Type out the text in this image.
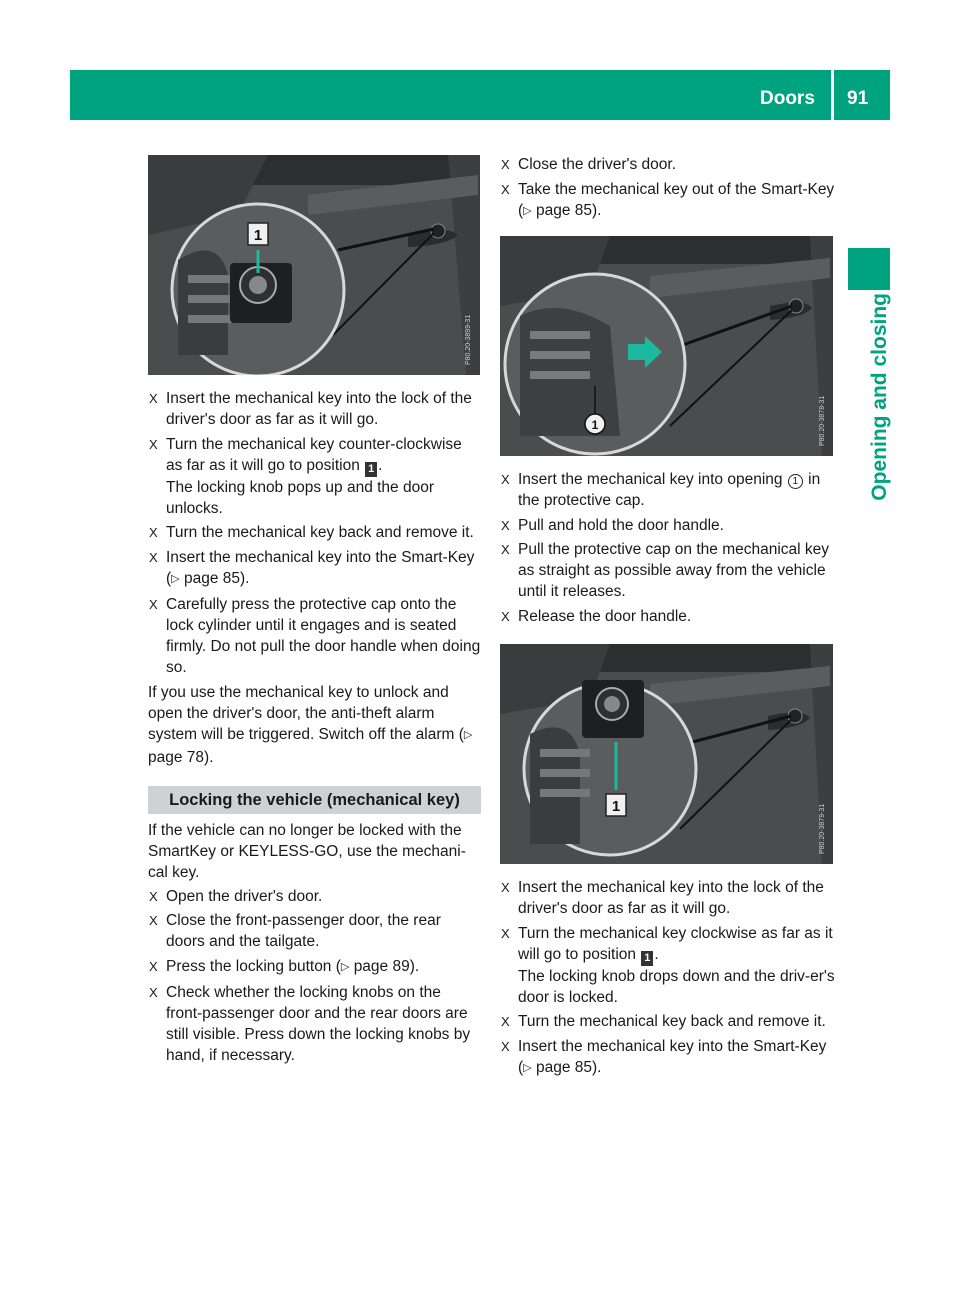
Doors 91
Opening and closing
1
P80.20-3899-31
1	P80.20-3878-31
1	P80.20-3879-31
X Insert the mechanical key into the lock of the driver's door as far as it will go.
X Turn the mechanical key counter-clockwise as far as it will go to position 1 .
The locking knob pops up and the door unlocks.
X Turn the mechanical key back and remove it.
X Insert the mechanical key into the Smart-Key (▷ page 85).
X Carefully press the protective cap onto the lock cylinder until it engages and is seated firmly. Do not pull the door handle when doing so.
If you use the mechanical key to unlock and open the driver's door, the anti-theft alarm system will be triggered. Switch off the alarm (▷ page 78).
Locking the vehicle (mechanical key)
If the vehicle can no longer be locked with the SmartKey or KEYLESS-GO, use the mechani-cal key.
X Open the driver's door.
X Close the front-passenger door, the rear doors and the tailgate.
X Press the locking button (▷ page 89).
X Check whether the locking knobs on the front-passenger door and the rear doors are still visible. Press down the locking knobs by hand, if necessary.
X Close the driver's door.
X Take the mechanical key out of the Smart-Key (▷ page 85).
X Insert the mechanical key into opening 1 in the protective cap.
X Pull and hold the door handle.
X Pull the protective cap on the mechanical key as straight as possible away from the vehicle until it releases.
X Release the door handle.
X Insert the mechanical key into the lock of the driver's door as far as it will go.
X Turn the mechanical key clockwise as far as it will go to position 1 .
The locking knob drops down and the driv-er's door is locked.
X Turn the mechanical key back and remove it.
X Insert the mechanical key into the Smart-Key (▷ page 85).
